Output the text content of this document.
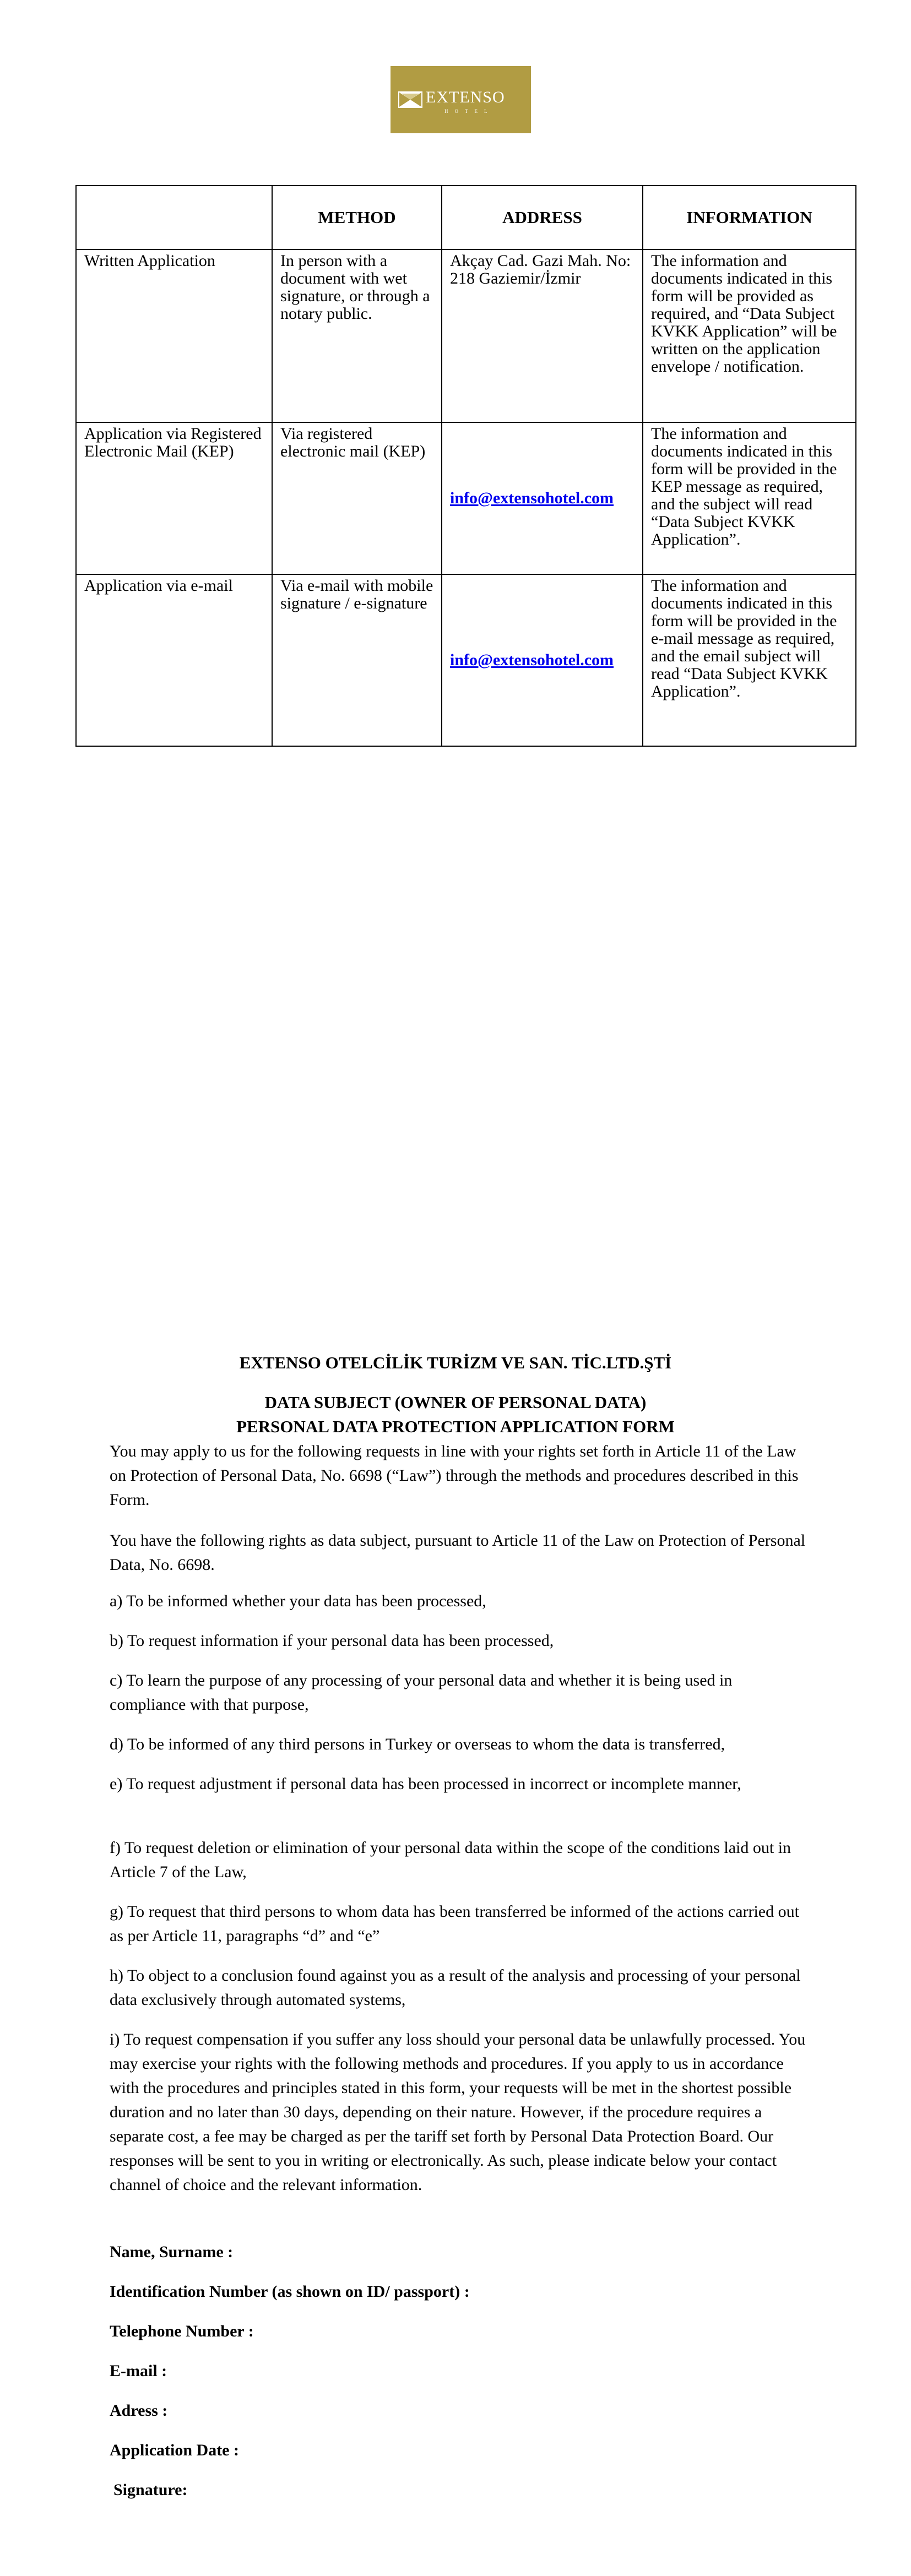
EXTENSO
HOTEL
	METHOD	ADDRESS	INFORMATION
Written Application	In person with a document with wet signature, or through a notary public.	Akçay Cad. Gazi Mah. No: 218 Gaziemir/İzmir	The information and documents indicated in this form will be provided as required, and “Data Subject KVKK Application” will be written on the application envelope / notification.
Application via Registered Electronic Mail (KEP)	Via registered electronic mail (KEP)	info@extensohotel.com	The information and documents indicated in this form will be provided in the KEP message as required, and the subject will read “Data Subject KVKK Application”.
Application via e-mail	Via e-mail with mobile signature / e-signature	info@extensohotel.com	The information and documents indicated in this form will be provided in the e-mail message as required, and the email subject will read “Data Subject KVKK Application”.
EXTENSO OTELCİLİK TURİZM VE SAN. TİC.LTD.ŞTİ
DATA SUBJECT (OWNER OF PERSONAL DATA)
PERSONAL DATA PROTECTION APPLICATION FORM

You may apply to us for the following requests in line with your rights set forth in Article 11 of the Law on Protection of Personal Data, No. 6698 (“Law”) through the methods and procedures described in this Form.

You have the following rights as data subject, pursuant to Article 11 of the Law on Protection of Personal Data, No. 6698.

a) To be informed whether your data has been processed,

b) To request information if your personal data has been processed,

c) To learn the purpose of any processing of your personal data and whether it is being used in compliance with that purpose,

d) To be informed of any third persons in Turkey or overseas to whom the data is transferred,

e) To request adjustment if personal data has been processed in incorrect or incomplete manner,

f) To request deletion or elimination of your personal data within the scope of the conditions laid out in Article 7 of the Law,

g) To request that third persons to whom data has been transferred be informed of the actions carried out as per Article 11, paragraphs “d” and “e”

h) To object to a conclusion found against you as a result of the analysis and processing of your personal data exclusively through automated systems,

i) To request compensation if you suffer any loss should your personal data be unlawfully processed. You may exercise your rights with the following methods and procedures. If you apply to us in accordance with the procedures and principles stated in this form, your requests will be met in the shortest possible duration and no later than 30 days, depending on their nature. However, if the procedure requires a separate cost, a fee may be charged as per the tariff set forth by Personal Data Protection Board. Our responses will be sent to you in writing or electronically. As such, please indicate below your contact channel of choice and the relevant information.

Name, Surname :
Identification Number (as shown on ID/ passport) :
Telephone Number :
E-mail :
Adress :
Application Date :
Signature:
